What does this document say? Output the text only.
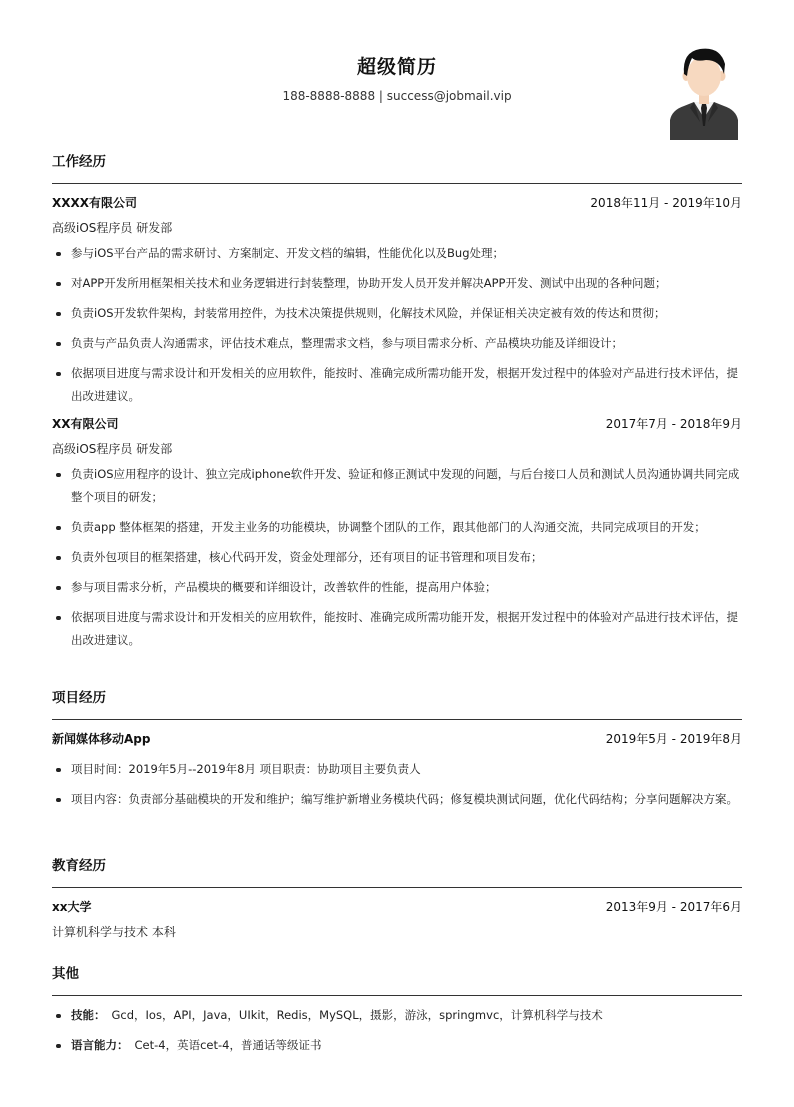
超级简历
188-8888-8888 | success@jobmail.vip
工作经历
XXXX有限公司	2018年11月 - 2019年10月
高级iOS程序员 研发部
参与iOS平台产品的需求研讨、方案制定、开发文档的编辑，性能优化以及Bug处理；
对APP开发所用框架相关技术和业务逻辑进行封装整理，协助开发人员开发并解决APP开发、测试中出现的各种问题；
负责iOS开发软件架构，封装常用控件，为技术决策提供规则，化解技术风险，并保证相关决定被有效的传达和贯彻；
负责与产品负责人沟通需求，评估技术难点，整理需求文档，参与项目需求分析、产品模块功能及详细设计；
依据项目进度与需求设计和开发相关的应用软件，能按时、准确完成所需功能开发，根据开发过程中的体验对产品进行技术评估，提出改进建议。
XX有限公司	2017年7月 - 2018年9月
高级iOS程序员 研发部
负责iOS应用程序的设计、独立完成iphone软件开发、验证和修正测试中发现的问题，与后台接口人员和测试人员沟通协调共同完成整个项目的研发；
负责app 整体框架的搭建，开发主业务的功能模块，协调整个团队的工作，跟其他部门的人沟通交流，共同完成项目的开发；
负责外包项目的框架搭建，核心代码开发，资金处理部分，还有项目的证书管理和项目发布；
参与项目需求分析，产品模块的概要和详细设计，改善软件的性能，提高用户体验；
依据项目进度与需求设计和开发相关的应用软件，能按时、准确完成所需功能开发，根据开发过程中的体验对产品进行技术评估，提出改进建议。
项目经历
新闻媒体移动App	2019年5月 - 2019年8月
项目时间：2019年5月--2019年8月 项目职责：协助项目主要负责人
项目内容：负责部分基础模块的开发和维护；编写维护新增业务模块代码；修复模块测试问题，优化代码结构；分享问题解决方案。
教育经历
xx大学	2013年9月 - 2017年6月
计算机科学与技术 本科
其他
技能： Gcd，Ios，API，Java，UIkit，Redis，MySQL，摄影，游泳，springmvc，计算机科学与技术
语言能力： Cet-4，英语cet-4，普通话等级证书
